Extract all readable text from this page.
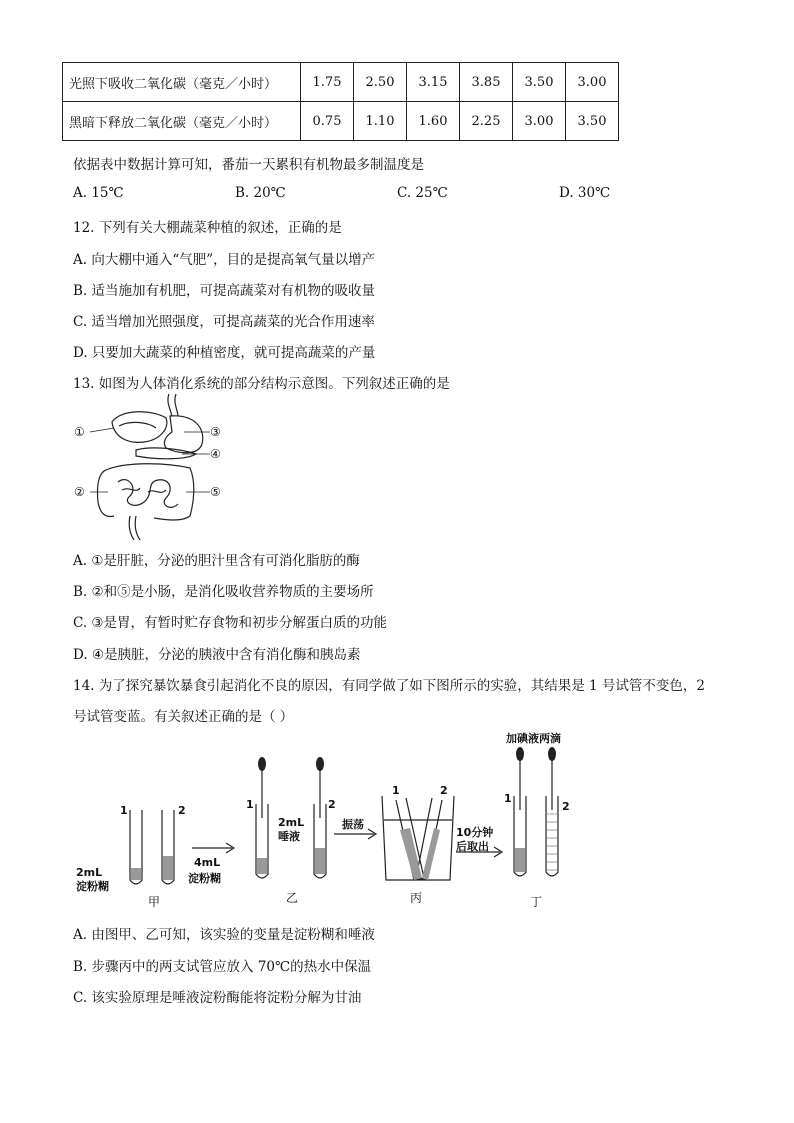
光照下吸收二氧化碳（毫克／小时）	1.75	2.50	3.15	3.85	3.50	3.00
黑暗下释放二氧化碳（毫克／小时）	0.75	1.10	1.60	2.25	3.00	3.50
依据表中数据计算可知，番茄一天累积有机物最多制温度是
A. 15℃	B. 20℃	C. 25℃	D. 30℃
12. 下列有关大棚蔬菜种植的叙述，正确的是
A. 向大棚中通入“气肥”，目的是提高氧气量以增产
B. 适当施加有机肥，可提高蔬菜对有机物的吸收量
C. 适当增加光照强度，可提高蔬菜的光合作用速率
D. 只要加大蔬菜的种植密度，就可提高蔬菜的产量
13. 如图为人体消化系统的部分结构示意图。下列叙述正确的是
①
②
③
④
⑤
A. ①是肝脏，分泌的胆汁里含有可消化脂肪的酶
B. ②和⑤是小肠，是消化吸收营养物质的主要场所
C. ③是胃，有暂时贮存食物和初步分解蛋白质的功能
D. ④是胰脏，分泌的胰液中含有消化酶和胰岛素
14. 为了探究暴饮暴食引起消化不良的原因，有同学做了如下图所示的实验，其结果是 1 号试管不变色，2
号试管变蓝。有关叙述正确的是（ ）
1	2
2mL
淀粉糊
4mL
淀粉糊
1	2
2mL
唾液
振荡
1	2
10分钟
后取出
1
2
加碘液两滴
甲	乙	丙	丁
A. 由图甲、乙可知，该实验的变量是淀粉糊和唾液
B. 步骤丙中的两支试管应放入 70℃的热水中保温
C. 该实验原理是唾液淀粉酶能将淀粉分解为甘油
